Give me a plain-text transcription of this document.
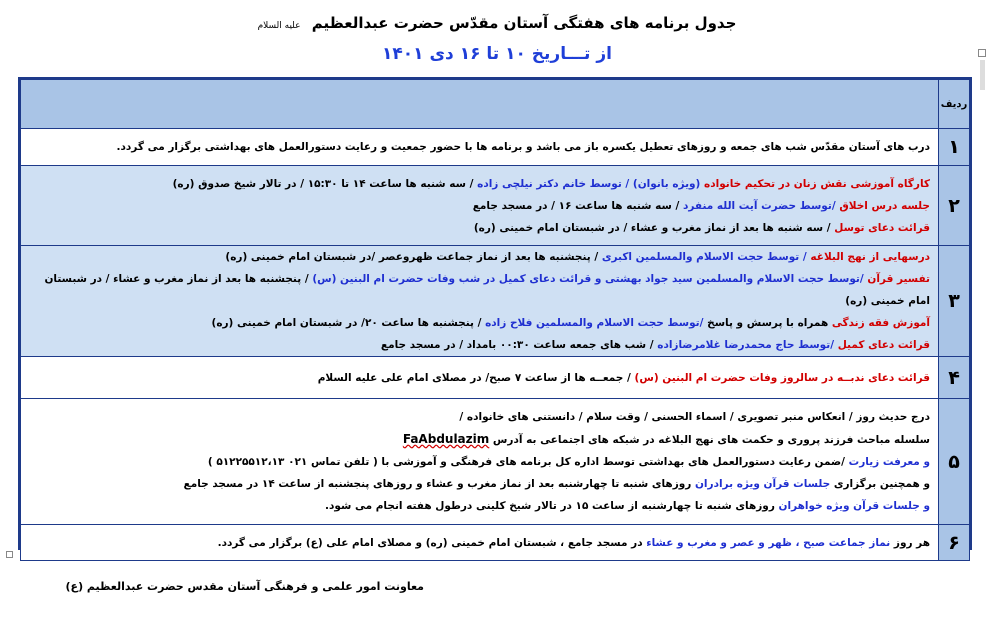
جدول برنامه های هفتگی آستان مقدّس حضرت عبدالعظیم علیه السلام
از تـــاریخ ۱۰ تا ۱۶ دی ۱۴۰۱
ردیف	
۱	درب های آستان مقدّس شب های جمعه و روزهای تعطیل یکسره باز می باشد و برنامه ها با حضور جمعیت و رعایت دستورالعمل های بهداشتی برگزار می گردد.
۲	کارگاه آموزشی نقش زنان در تحکیم خانواده (ویژه بانوان) / توسط خانم دکتر نیلچی زاده / سه شنبه ها ساعت ۱۴ تا ۱۵:۳۰ / در تالار شیخ صدوق (ره)
جلسه درس اخلاق /توسط حضرت آیت الله منفرد / سه شنبه ها ساعت ۱۶ / در مسجد جامع
قرائت دعای توسل / سه شنبه ها بعد از نماز مغرب و عشاء / در شبستان امام خمینی (ره)

۳	درسهایی از نهج البلاغه / توسط حجت الاسلام والمسلمین اکبری / پنجشنبه ها بعد از نماز جماعت ظهروعصر /در شبستان امام خمینی (ره)
تفسیر قرآن /توسط حجت الاسلام والمسلمین سید جواد بهشتی و قرائت دعای کمیل در شب وفات حضرت ام البنین (س) / پنجشنبه ها بعد از نماز مغرب و عشاء / در شبستان امام خمینی (ره)
آموزش فقه زندگی همراه با پرسش و پاسخ /توسط حجت الاسلام والمسلمین فلاح زاده / پنجشنبه ها ساعت ۲۰/ در شبستان امام خمینی (ره)
قرائت دعای کمیل /توسط حاج محمدرضا غلامرضازاده / شب های جمعه ساعت ۰۰:۳۰ بامداد / در مسجد جامع

۴	قرائت دعای ندبــه در سالروز وفات حضرت ام البنین (س) / جمعــه ها از ساعت ۷ صبح/ در مصلای امام علی علیه السلام
۵	درج حدیث روز / انعکاس منبر تصویری / اسماء الحسنی / وقت سلام / دانستنی های خانواده /
سلسله مباحث فرزند پروری و حکمت های نهج البلاغه در شبکه های اجتماعی به آدرس FaAbdulazim
و معرفت زیارت /ضمن رعایت دستورالعمل های بهداشتی توسط اداره کل برنامه های فرهنگی و آموزشی با ( تلفن تماس ۰۲۱ ۵۱۲۲۵۵۱۲،۱۳ )
و همچنین برگزاری جلسات قرآن ویژه برادران روزهای شنبه تا چهارشنبه بعد از نماز مغرب و عشاء و روزهای پنجشنبه از ساعت ۱۴ در مسجد جامع
و جلسات قرآن ویژه خواهران روزهای شنبه تا چهارشنبه از ساعت ۱۵ در تالار شیخ کلینی درطول هفته انجام می شود.

۶	هر روز نماز جماعت صبح ، ظهر و عصر و مغرب و عشاء در مسجد جامع ، شبستان امام خمینی (ره) و مصلای امام علی (ع) برگزار می گردد.
معاونت امور علمی و فرهنگی آستان مقدس حضرت عبدالعظیم (ع)
